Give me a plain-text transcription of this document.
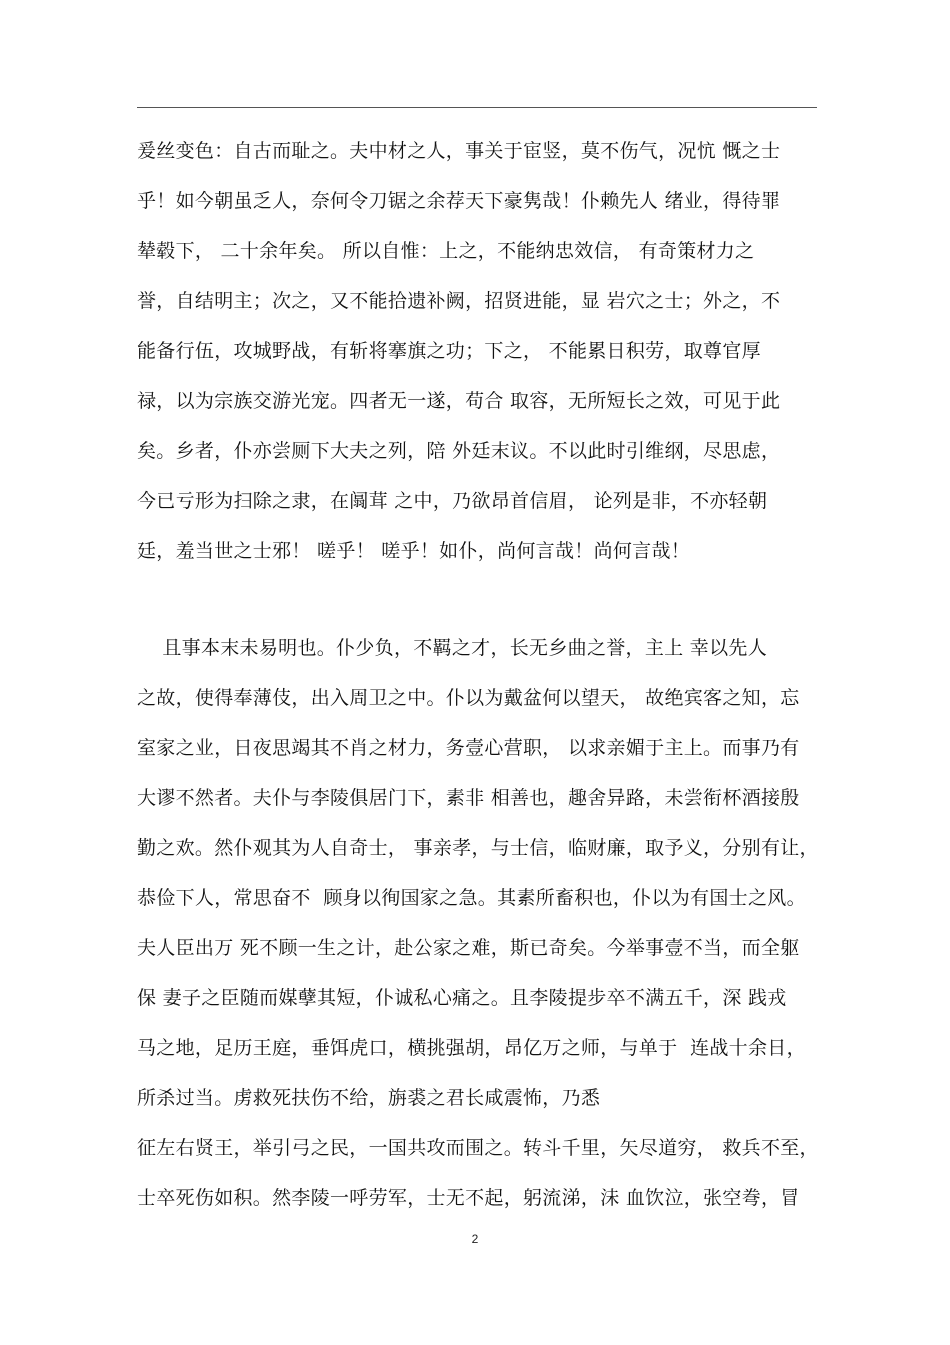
爰丝变色：自古而耻之。夫中材之人，事关于宦竖，莫不伤气，况忼 慨之士
乎！如今朝虽乏人，奈何令刀锯之余荐天下豪隽哉！仆赖先人 绪业，得待罪
辇毂下， 二十余年矣。 所以自惟：上之，不能纳忠效信， 有奇策材力之
誉，自结明主；次之，又不能拾遗补阙，招贤进能，显 岩穴之士；外之，不
能备行伍，攻城野战，有斩将搴旗之功；下之， 不能累日积劳，取尊官厚
禄，以为宗族交游光宠。四者无一遂，苟合 取容，无所短长之效，可见于此
矣。乡者，仆亦尝厕下大夫之列，陪 外廷末议。不以此时引维纲，尽思虑，
今已亏形为扫除之隶，在阘茸 之中，乃欲昂首信眉， 论列是非，不亦轻朝
廷，羞当世之士邪！ 嗟乎！ 嗟乎！如仆，尚何言哉！尚何言哉！
且事本末未易明也。仆少负，不羁之才，长无乡曲之誉，主上 幸以先人
之故，使得奉薄伎，出入周卫之中。仆以为戴盆何以望天， 故绝宾客之知，忘
室家之业，日夜思竭其不肖之材力，务壹心营职， 以求亲媚于主上。而事乃有
大谬不然者。夫仆与李陵俱居门下，素非 相善也，趣舍异路，未尝衔杯酒接殷
勤之欢。然仆观其为人自奇士， 事亲孝，与士信，临财廉，取予义，分别有让，
恭俭下人，常思奋不  顾身以徇国家之急。其素所畜积也，仆以为有国士之风。
夫人臣出万 死不顾一生之计，赴公家之难，斯已奇矣。今举事壹不当，而全躯
保 妻子之臣随而媒孽其短，仆诚私心痛之。且李陵提步卒不满五千，深 践戎
马之地，足历王庭，垂饵虎口，横挑强胡，昂亿万之师，与单于  连战十余日，
所杀过当。虏救死扶伤不给，旃裘之君长咸震怖，乃悉
征左右贤王，举引弓之民，一国共攻而围之。转斗千里，矢尽道穷， 救兵不至，
士卒死伤如积。然李陵一呼劳军，士无不起，躬流涕，沬 血饮泣，张空弮，冒
2
